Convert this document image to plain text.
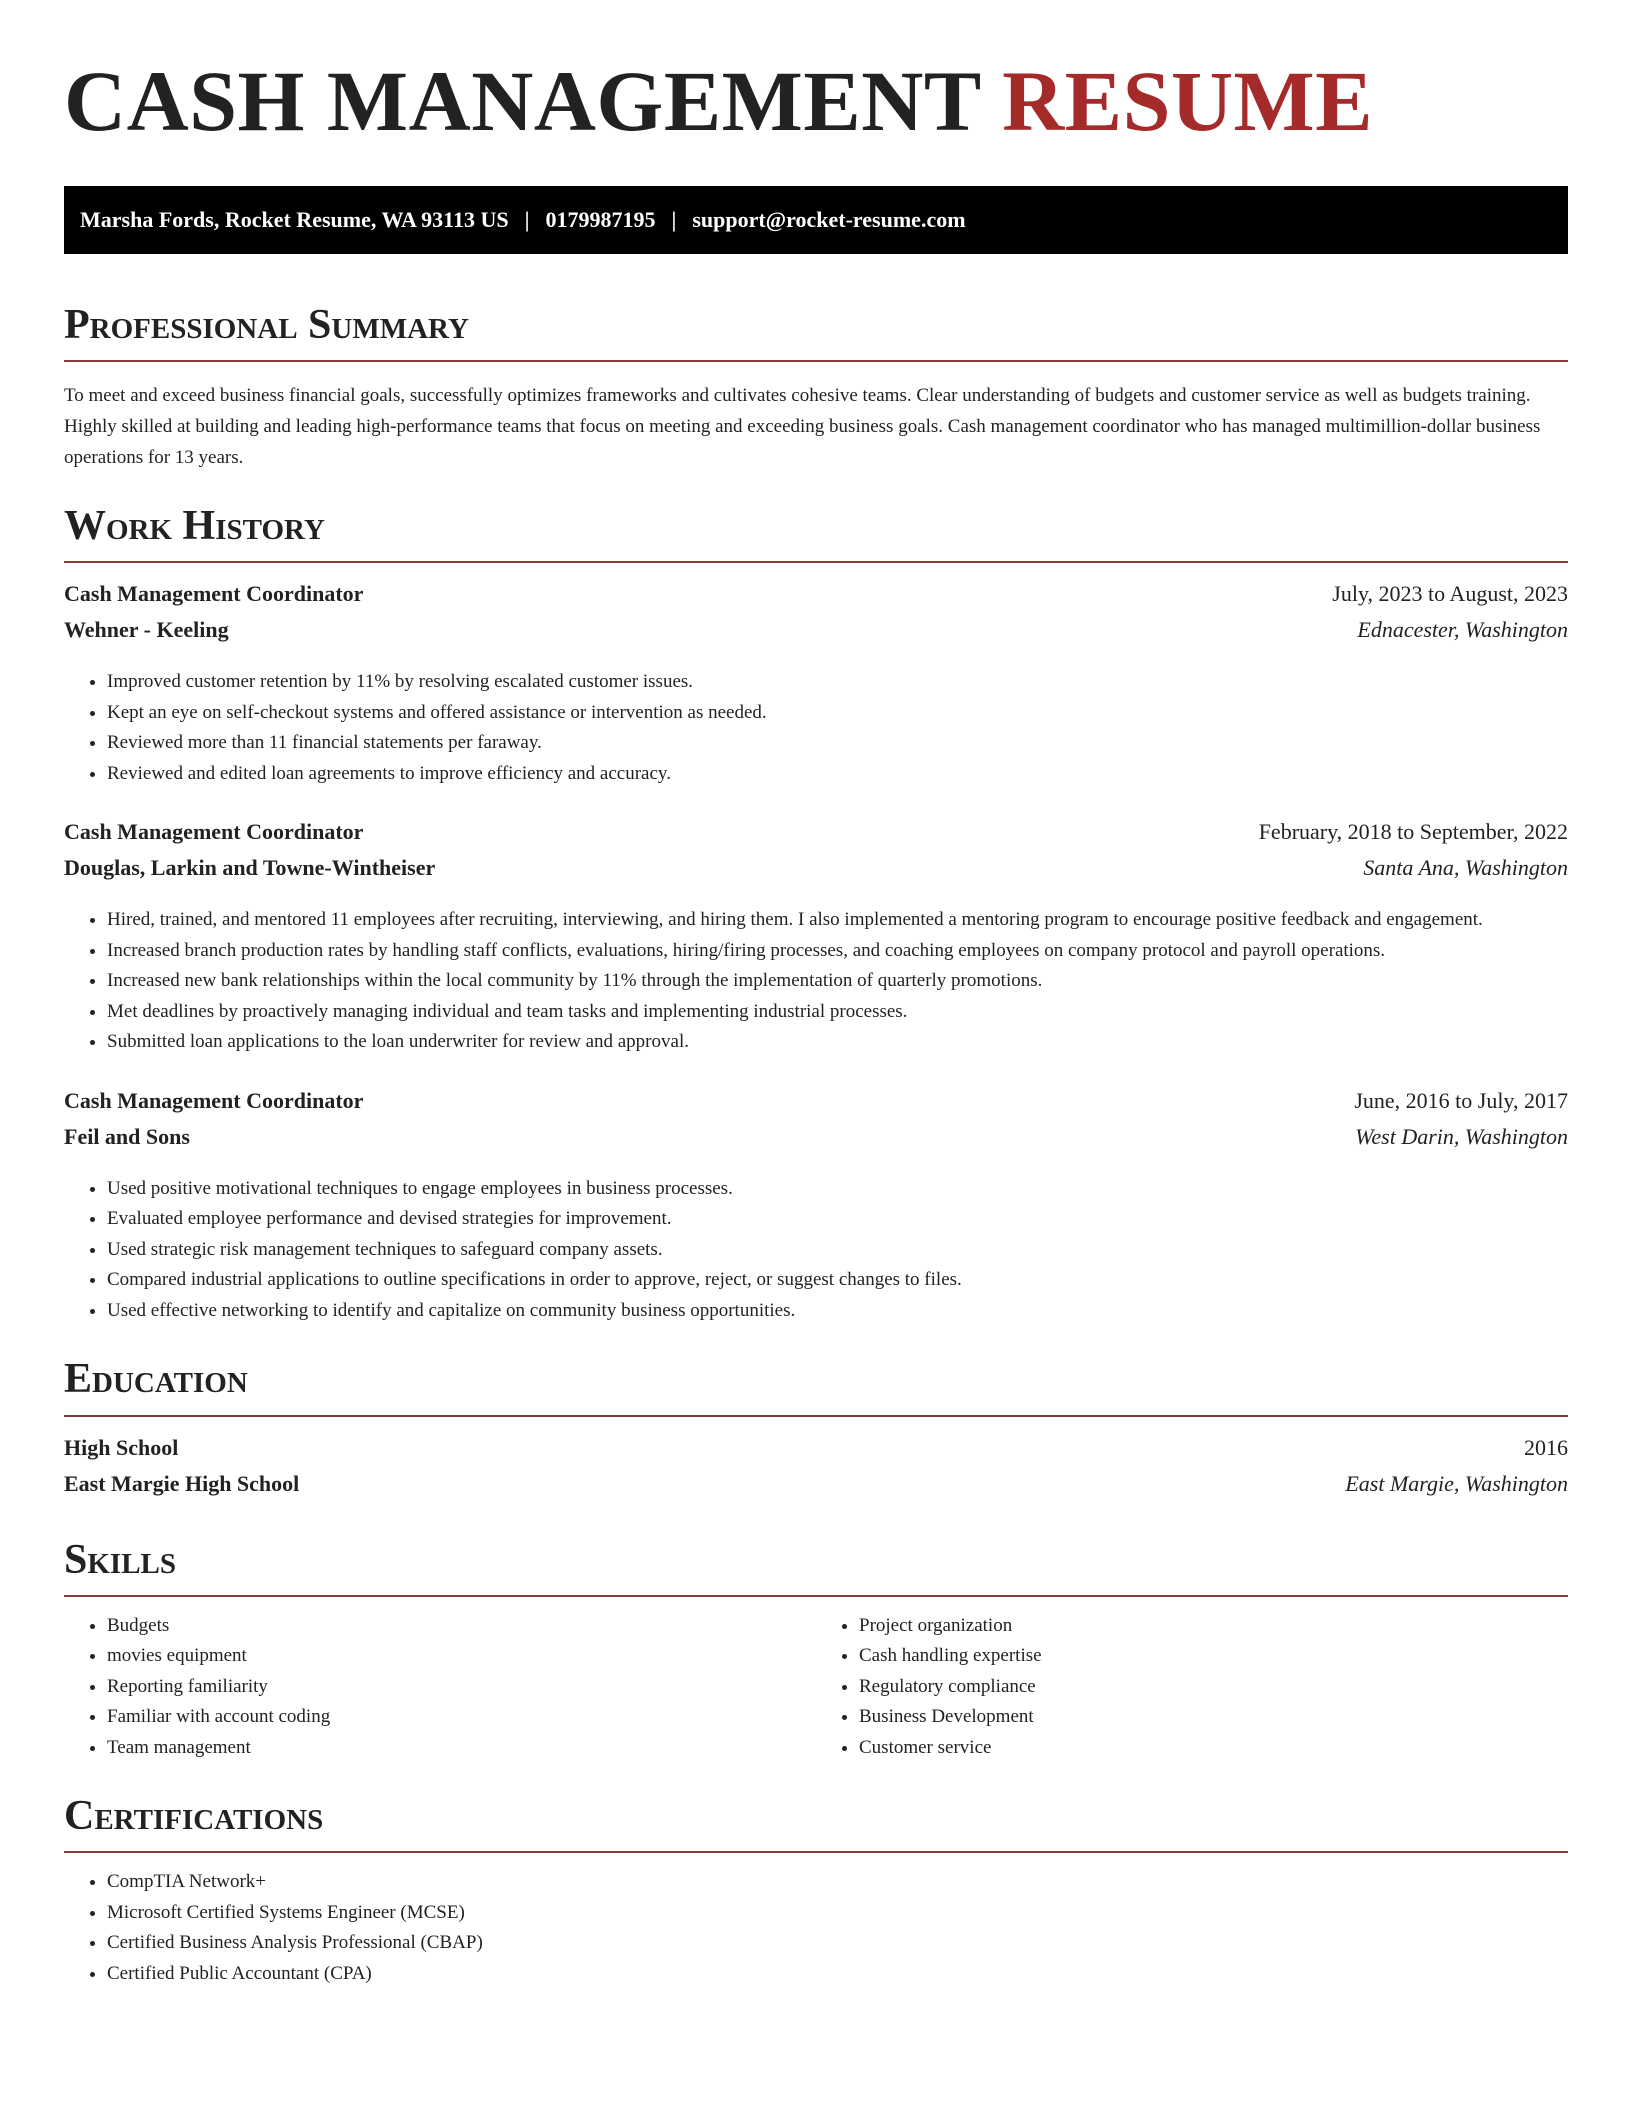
CASH MANAGEMENT RESUME
Marsha Fords, Rocket Resume, WA 93113 US | 0179987195 | support@rocket-resume.com
Professional Summary

To meet and exceed business financial goals, successfully optimizes frameworks and cultivates cohesive teams. Clear understanding of budgets and customer service as well as budgets training. Highly skilled at building and leading high-performance teams that focus on meeting and exceeding business goals. Cash management coordinator who has managed multimillion-dollar business operations for 13 years.

Work History
Cash Management Coordinator	July, 2023 to August, 2023
Wehner - Keeling	Ednacester, Washington
• Improved customer retention by 11% by resolving escalated customer issues.
• Kept an eye on self-checkout systems and offered assistance or intervention as needed.
• Reviewed more than 11 financial statements per faraway.
• Reviewed and edited loan agreements to improve efficiency and accuracy.
Cash Management Coordinator	February, 2018 to September, 2022
Douglas, Larkin and Towne-Wintheiser	Santa Ana, Washington
• Hired, trained, and mentored 11 employees after recruiting, interviewing, and hiring them. I also implemented a mentoring program to encourage positive feedback and engagement.
• Increased branch production rates by handling staff conflicts, evaluations, hiring/firing processes, and coaching employees on company protocol and payroll operations.
• Increased new bank relationships within the local community by 11% through the implementation of quarterly promotions.
• Met deadlines by proactively managing individual and team tasks and implementing industrial processes.
• Submitted loan applications to the loan underwriter for review and approval.
Cash Management Coordinator	June, 2016 to July, 2017
Feil and Sons	West Darin, Washington
• Used positive motivational techniques to engage employees in business processes.
• Evaluated employee performance and devised strategies for improvement.
• Used strategic risk management techniques to safeguard company assets.
• Compared industrial applications to outline specifications in order to approve, reject, or suggest changes to files.
• Used effective networking to identify and capitalize on community business opportunities.
Education
High School	2016
East Margie High School	East Margie, Washington
Skills
• Budgets
• movies equipment
• Reporting familiarity
• Familiar with account coding
• Team management
• Project organization
• Cash handling expertise
• Regulatory compliance
• Business Development
• Customer service
Certifications
• CompTIA Network+
• Microsoft Certified Systems Engineer (MCSE)
• Certified Business Analysis Professional (CBAP)
• Certified Public Accountant (CPA)
